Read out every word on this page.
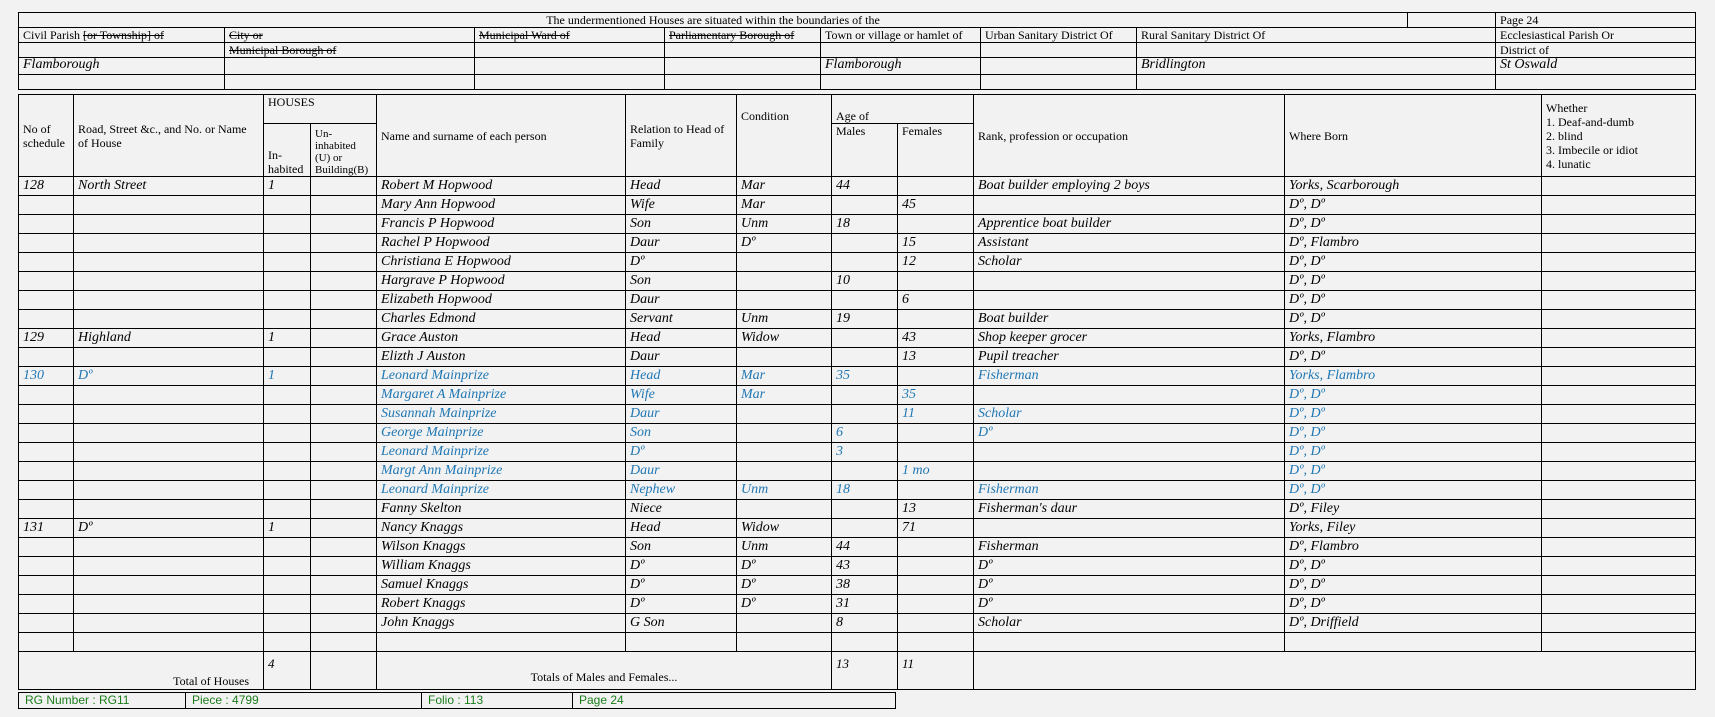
The undermentioned Houses are situated within the boundaries of the								Page 24
Civil Parish [or Township] of	City or	Municipal Ward of	Parliamentary Borough of	Town or village or hamlet of	Urban Sanitary District Of	Rural Sanitary District Of		Ecclesiastical Parish Or
	Municipal Borough of							District of
Flamborough				Flamborough		Bridlington		St Oswald

No of schedule	Road, Street &c., and No. or Name of House	HOUSES		Name and surname of each person	Relation to Head of Family	Condition	Age of		Rank, profession or occupation	Where Born	Whether
1. Deaf-and-dumb
2. blind
3. Imbecile or idiot
4. lunatic

		In-habited	Un-inhabited (U) or Building(B)				Males	Females			
128	North Street	1		Robert M Hopwood	Head	Mar	44		Boat builder employing 2 boys	Yorks, Scarborough	
				Mary Ann Hopwood	Wife	Mar		45		Dº, Dº	
				Francis P Hopwood	Son	Unm	18		Apprentice boat builder	Dº, Dº	
				Rachel P Hopwood	Daur	Dº		15	Assistant	Dº, Flambro	
				Christiana E Hopwood	Dº			12	Scholar	Dº, Dº	
				Hargrave P Hopwood	Son		10			Dº, Dº	
				Elizabeth Hopwood	Daur			6		Dº, Dº	
				Charles Edmond	Servant	Unm	19		Boat builder	Dº, Dº	
129	Highland	1		Grace Auston	Head	Widow		43	Shop keeper grocer	Yorks, Flambro	
				Elizth J Auston	Daur			13	Pupil treacher	Dº, Dº	
130	Dº	1		Leonard Mainprize	Head	Mar	35		Fisherman	Yorks, Flambro	
				Margaret A Mainprize	Wife	Mar		35		Dº, Dº	
				Susannah Mainprize	Daur			11	Scholar	Dº, Dº	
				George Mainprize	Son		6		Dº	Dº, Dº	
				Leonard Mainprize	Dº		3			Dº, Dº	
				Margt Ann Mainprize	Daur			1 mo		Dº, Dº	
				Leonard Mainprize	Nephew	Unm	18		Fisherman	Dº, Dº	
				Fanny Skelton	Niece			13	Fisherman's daur	Dº, Filey	
131	Dº	1		Nancy Knaggs	Head	Widow		71		Yorks, Filey	
				Wilson Knaggs	Son	Unm	44		Fisherman	Dº, Flambro	
				William Knaggs	Dº	Dº	43		Dº	Dº, Dº	
				Samuel Knaggs	Dº	Dº	38		Dº	Dº, Dº	
				Robert Knaggs	Dº	Dº	31		Dº	Dº, Dº	
				John Knaggs	G Son		8		Scholar	Dº, Driffield	

Total of Houses		4		Totals of Males and Females...			13	11			
RG Number : RG11	Piece : 4799	Folio : 113	Page 24
